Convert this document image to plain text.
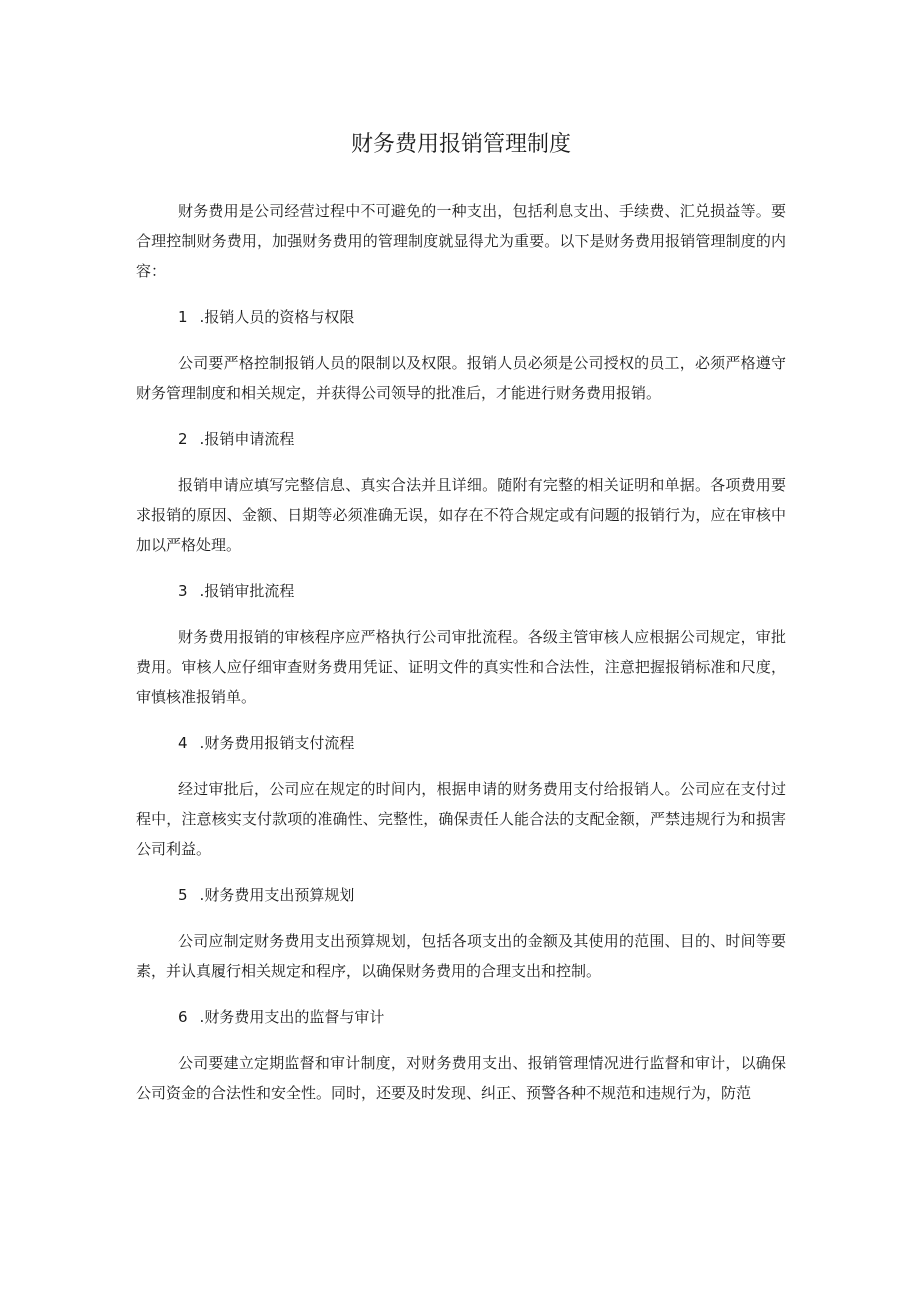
财务费用报销管理制度

财务费用是公司经营过程中不可避免的一种支出，包括利息支出、手续费、汇兑损益等。要合理控制财务费用，加强财务费用的管理制度就显得尤为重要。以下是财务费用报销管理制度的内容：

1 .报销人员的资格与权限

公司要严格控制报销人员的限制以及权限。报销人员必须是公司授权的员工，必须严格遵守财务管理制度和相关规定，并获得公司领导的批准后，才能进行财务费用报销。

2 .报销申请流程

报销申请应填写完整信息、真实合法并且详细。随附有完整的相关证明和单据。各项费用要求报销的原因、金额、日期等必须准确无误，如存在不符合规定或有问题的报销行为，应在审核中加以严格处理。

3 .报销审批流程

财务费用报销的审核程序应严格执行公司审批流程。各级主管审核人应根据公司规定，审批费用。审核人应仔细审查财务费用凭证、证明文件的真实性和合法性，注意把握报销标准和尺度，审慎核准报销单。

4 .财务费用报销支付流程

经过审批后，公司应在规定的时间内，根据申请的财务费用支付给报销人。公司应在支付过程中，注意核实支付款项的准确性、完整性，确保责任人能合法的支配金额，严禁违规行为和损害公司利益。

5 .财务费用支出预算规划

公司应制定财务费用支出预算规划，包括各项支出的金额及其使用的范围、目的、时间等要素，并认真履行相关规定和程序，以确保财务费用的合理支出和控制。

6 .财务费用支出的监督与审计

公司要建立定期监督和审计制度，对财务费用支出、报销管理情况进行监督和审计，以确保公司资金的合法性和安全性。同时，还要及时发现、纠正、预警各种不规范和违规行为，防范
